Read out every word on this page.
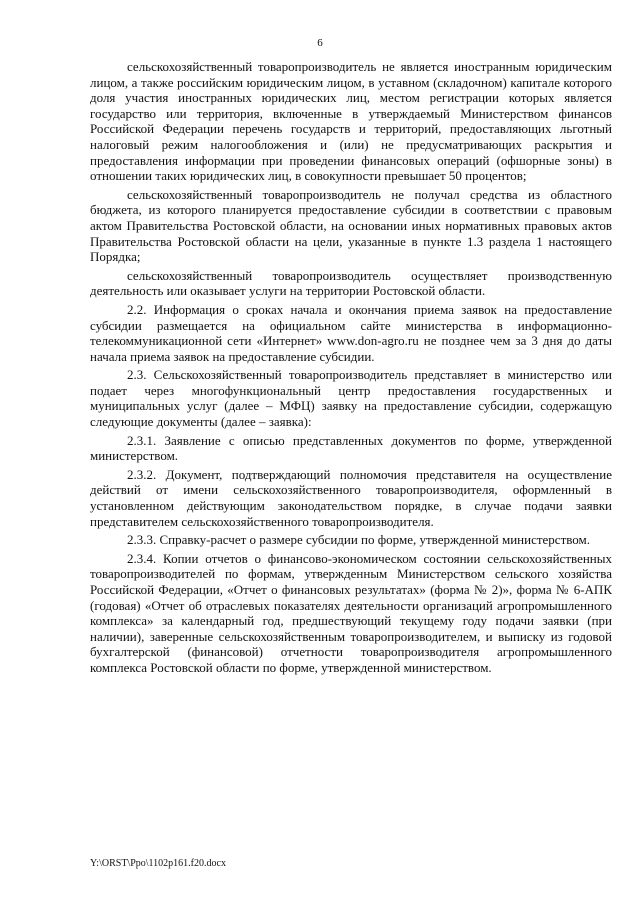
6

сельскохозяйственный товаропроизводитель не является иностранным юридическим лицом, а также российским юридическим лицом, в уставном (складочном) капитале которого доля участия иностранных юридических лиц, местом регистрации которых является государство или территория, включенные в утверждаемый Министерством финансов Российской Федерации перечень государств и территорий, предоставляющих льготный налоговый режим налогообложения и (или) не предусматривающих раскрытия и предоставления информации при проведении финансовых операций (офшорные зоны) в отношении таких юридических лиц, в совокупности превышает 50 процентов;

сельскохозяйственный товаропроизводитель не получал средства из областного бюджета, из которого планируется предоставление субсидии в соответствии с правовым актом Правительства Ростовской области, на основании иных нормативных правовых актов Правительства Ростовской области на цели, указанные в пункте 1.3 раздела 1 настоящего Порядка;

сельскохозяйственный товаропроизводитель осуществляет производственную деятельность или оказывает услуги на территории Ростовской области.

2.2. Информация о сроках начала и окончания приема заявок на предоставление субсидии размещается на официальном сайте министерства в информационно-телекоммуникационной сети «Интернет» www.don-agro.ru не позднее чем за 3 дня до даты начала приема заявок на предоставление субсидии.

2.3. Сельскохозяйственный товаропроизводитель представляет в министерство или подает через многофункциональный центр предоставления государственных и муниципальных услуг (далее – МФЦ) заявку на предоставление субсидии, содержащую следующие документы (далее – заявка):

2.3.1. Заявление с описью представленных документов по форме, утвержденной министерством.

2.3.2. Документ, подтверждающий полномочия представителя на осуществление действий от имени сельскохозяйственного товаропроизводителя, оформленный в установленном действующим законодательством порядке, в случае подачи заявки представителем сельскохозяйственного товаропроизводителя.

2.3.3. Справку-расчет о размере субсидии по форме, утвержденной министерством.

2.3.4. Копии отчетов о финансово-экономическом состоянии сельскохозяйственных товаропроизводителей по формам, утвержденным Министерством сельского хозяйства Российской Федерации, «Отчет о финансовых результатах» (форма № 2)», форма № 6-АПК (годовая) «Отчет об отраслевых показателях деятельности организаций агропромышленного комплекса» за календарный год, предшествующий текущему году подачи заявки (при наличии), заверенные сельскохозяйственным товаропроизводителем, и выписку из годовой бухгалтерской (финансовой) отчетности товаропроизводителя агропромышленного комплекса Ростовской области по форме, утвержденной министерством.

Y:\ORST\Ppo\1102p161.f20.docx
